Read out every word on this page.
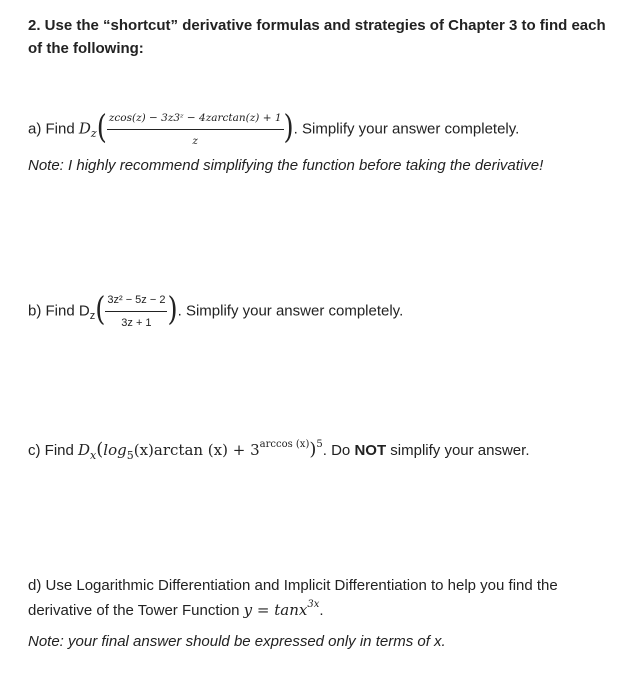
2. Use the “shortcut” derivative formulas and strategies of Chapter 3 to find each of the following:
a) Find $D_z( \frac{\text{zcos(z) − 3z3ᶻ − 4zarctan(z) + 1}}{z}$ ). Simplify your answer completely.
Note: I highly recommend simplifying the function before taking the derivative!
b) Find $D_z( \frac{\text{3z² − 5z − 2}}{3z + 1}$ ). Simplify your answer completely.
c) Find $D_x(\log_5(x)\arctan$ $(x) + 3^{arccos (x)})^5$. Do NOT simplify your answer.
d) Use Logarithmic Differentiation and Implicit Differentiation to help you find the
derivative of the Tower Function y = tanx$^{3x}$.
Note: your final answer should be expressed only in terms of x.
